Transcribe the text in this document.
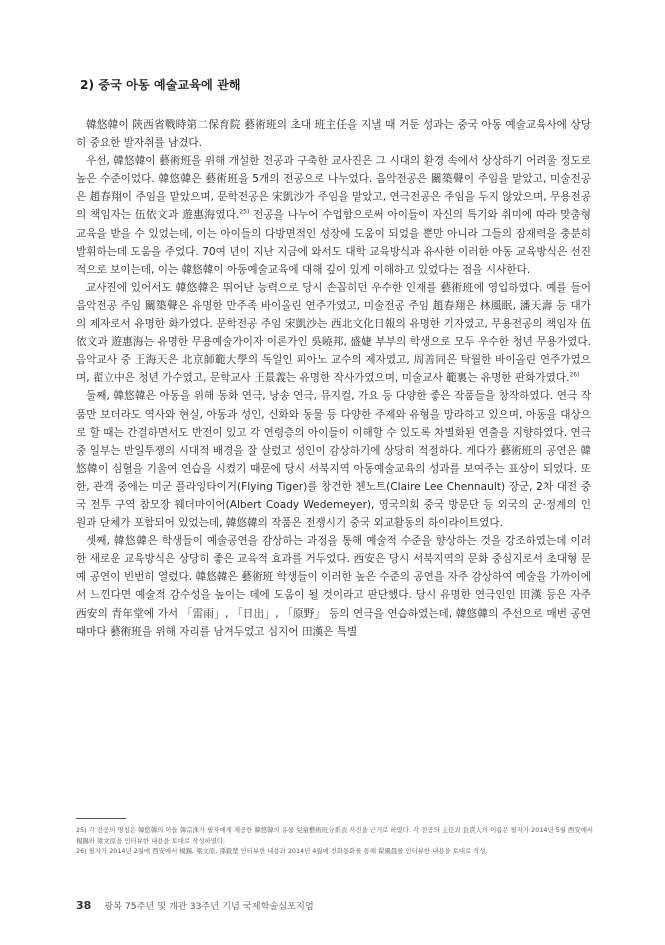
2) 중국 아동 예술교육에 관해

韓悠韓이 陝西省戰時第二保育院 藝術班의 초대 班主任을 지낼 때 거둔 성과는 중국 아동 예술교육사에 상당히 중요한 발자취를 남겼다.

우선, 韓悠韓이 藝術班을 위해 개설한 전공과 구축한 교사진은 그 시대의 환경 속에서 상상하기 어려울 정도로 높은 수준이었다. 韓悠韓은 藝術班을 5개의 전공으로 나누었다. 음악전공은 關築聲이 주임을 맡았고, 미술전공은 趙春翔이 주임을 맡았으며, 문학전공은 宋凱沙가 주임을 맡았고, 연극전공은 주임을 두지 않았으며, 무용전공의 책임자는 伍依文과 遊惠海였다.$^{25)}$ 전공을 나누어 수업함으로써 아이들이 자신의 특기와 취미에 따라 맞춤형 교육을 받을 수 있었는데, 이는 아이들의 다방면적인 성장에 도움이 되었을 뿐만 아니라 그들의 잠재력을 충분히 발휘하는데 도움을 주었다. 70여 년이 지난 지금에 와서도 대학 교육방식과 유사한 이러한 아동 교육방식은 선진적으로 보이는데, 이는 韓悠韓이 아동예술교육에 대해 깊이 있게 이해하고 있었다는 점을 시사한다.

교사진에 있어서도 韓悠韓은 뛰어난 능력으로 당시 손꼽히던 우수한 인재를 藝術班에 영입하였다. 예를 들어 음악전공 주임 關築聲은 유명한 만주족 바이올린 연주가였고, 미술전공 주임 趙春翔은 林風眠, 潘天壽 등 대가의 제자로서 유명한 화가였다. 문학전공 주임 宋凱沙는 西北文化日報의 유명한 기자였고, 무용전공의 책임자 伍依文과 遊惠海는 유명한 무용예술가이자 이론가인 吳曉邦, 盛婕 부부의 학생으로 모두 우수한 청년 무용가였다. 음악교사 중 王海天은 北京師範大學의 독일인 피아노 교수의 제자였고, 周善同은 탁월한 바이올린 연주가였으며, 翟立中은 청년 가수였고, 문학교사 王景義는 유명한 작사가였으며, 미술교사 範裏는 유명한 판화가였다.$^{26)}$

둘째, 韓悠韓은 아동을 위해 동화 연극, 낭송 연극, 뮤지컬, 가요 등 다양한 좋은 작품들을 창작하였다. 연극 작품만 보더라도 역사와 현실, 아동과 성인, 신화와 동물 등 다양한 주제와 유형을 망라하고 있으며, 아동을 대상으로 할 때는 간결하면서도 반전이 있고 각 연령층의 아이들이 이해할 수 있도록 차별화된 연출을 지향하였다. 연극 중 일부는 반일투쟁의 시대적 배경을 잘 살렸고 성인이 감상하기에 상당히 적절하다. 게다가 藝術班의 공연은 韓悠韓이 심혈을 기울여 연습을 시켰기 때문에 당시 서북지역 아동예술교육의 성과를 보여주는 표상이 되었다. 또한, 관객 중에는 미군 플라잉타이거(Flying Tiger)를 창건한 첸노트(Claire Lee Chennault) 장군, 2차 대전 중국 전투 구역 참모장 웨더마이어(Albert Coady Wedemeyer), 영국의회 중국 방문단 등 외국의 군·정계의 인원과 단체가 포함되어 있었는데, 韓悠韓의 작품은 전쟁시기 중국 외교활동의 하이라이트였다.

셋째, 韓悠韓은 학생들이 예술공연을 감상하는 과정을 통해 예술적 수준을 향상하는 것을 강조하였는데 이러한 새로운 교육방식은 상당히 좋은 교육적 효과를 거두었다. 西安은 당시 서북지역의 문화 중심지로서 초대형 문예 공연이 빈번히 열렸다. 韓悠韓은 藝術班 학생들이 이러한 높은 수준의 공연을 자주 감상하여 예술을 가까이에서 느낀다면 예술적 감수성을 높이는 데에 도움이 될 것이라고 판단했다. 당시 유명한 연극인인 田漢 등은 자주 西安의 青年堂에 가서 「雷雨」, 「日出」, 「原野」 등의 연극을 연습하였는데, 韓悠韓의 주선으로 매번 공연 때마다 藝術班을 위해 자리를 남겨두었고 심지어 田漢은 특별

25) 각 전공의 명칭은 韓悠韓의 아들 韓宗洙가 필자에게 제공한 韓悠韓의 유물 兒童藝術班分系表 사진을 근거로 하였다. 각 전공의 主任과 負責人의 이름은 필자가 2014년 5월 西安에서 楊錫와 梁文原을 인터뷰한 내용을 토대로 작성하였다.

26) 필자가 2014년 2월에 西安에서 楊錫, 梁文原, 孫毅楚 인터뷰한 내용과 2014년 4월에 전화통화를 통해 翟風晨를 인터뷰한 내용을 토대로 작성.

38 광복 75주년 및 개관 33주년 기념 국제학술심포지엄
